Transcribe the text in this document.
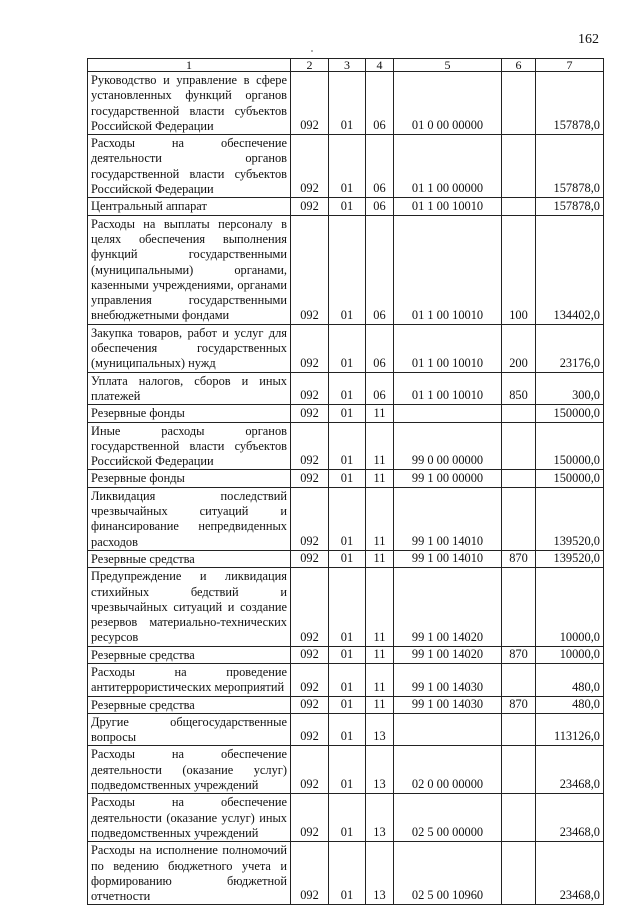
162
1	2	3	4	5	6	7
Руководство и управление в сфере установленных функций органов государственной власти субъектов Российской Федерации	092	01	06	01 0 00 00000		157878,0
Расходы на обеспечение деятельности органов государственной власти субъектов Российской Федерации	092	01	06	01 1 00 00000		157878,0
Центральный аппарат	092	01	06	01 1 00 10010		157878,0
Расходы на выплаты персоналу в целях обеспечения выполнения функций государственными (муниципальными) органами, казенными учреждениями, органами управления государственными внебюджетными фондами	092	01	06	01 1 00 10010	100	134402,0
Закупка товаров, работ и услуг для обеспечения государственных (муниципальных) нужд	092	01	06	01 1 00 10010	200	23176,0
Уплата налогов, сборов и иных платежей	092	01	06	01 1 00 10010	850	300,0
Резервные фонды	092	01	11			150000,0
Иные расходы органов государственной власти субъектов Российской Федерации	092	01	11	99 0 00 00000		150000,0
Резервные фонды	092	01	11	99 1 00 00000		150000,0
Ликвидация последствий чрезвычайных ситуаций и финансирование непредвиденных расходов	092	01	11	99 1 00 14010		139520,0
Резервные средства	092	01	11	99 1 00 14010	870	139520,0
Предупреждение и ликвидация стихийных бедствий и чрезвычайных ситуаций и создание резервов материально-технических ресурсов	092	01	11	99 1 00 14020		10000,0
Резервные средства	092	01	11	99 1 00 14020	870	10000,0
Расходы на проведение антитеррористических мероприятий	092	01	11	99 1 00 14030		480,0
Резервные средства	092	01	11	99 1 00 14030	870	480,0
Другие общегосударственные вопросы	092	01	13			113126,0
Расходы на обеспечение деятельности (оказание услуг) подведомственных учреждений	092	01	13	02 0 00 00000		23468,0
Расходы на обеспечение деятельности (оказание услуг) иных подведомственных учреждений	092	01	13	02 5 00 00000		23468,0
Расходы на исполнение полномочий по ведению бюджетного учета и формированию бюджетной отчетности	092	01	13	02 5 00 10960		23468,0
